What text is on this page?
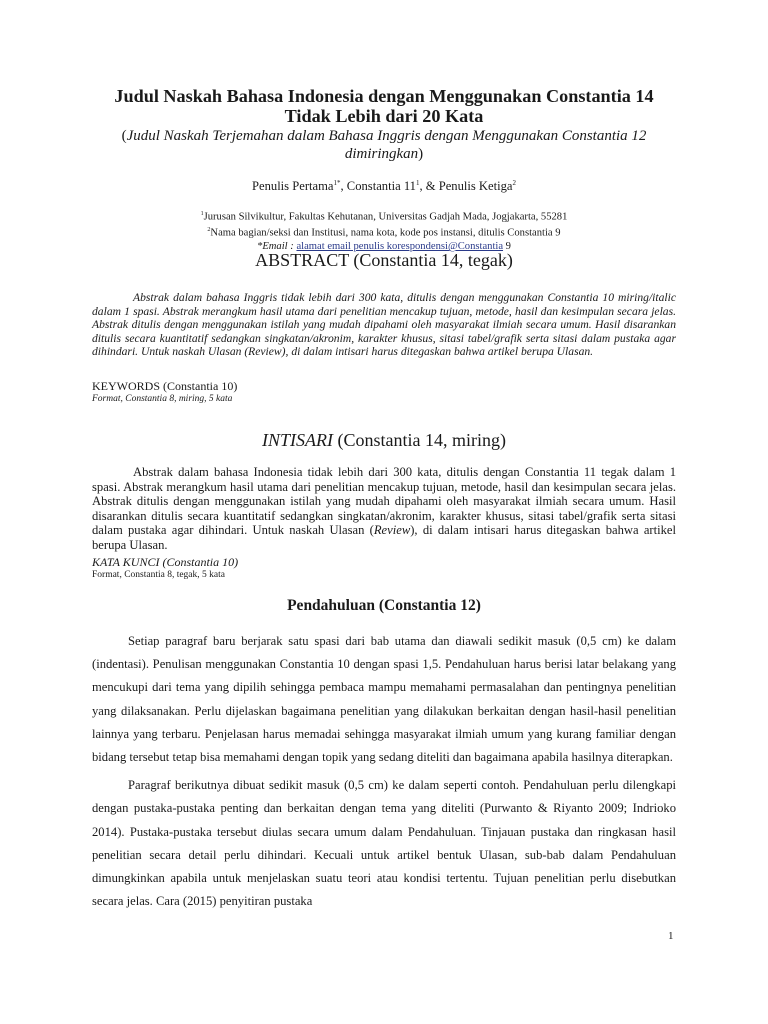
Judul Naskah Bahasa Indonesia dengan Menggunakan Constantia 14
Tidak Lebih dari 20 Kata
(Judul Naskah Terjemahan dalam Bahasa Inggris dengan Menggunakan Constantia 12 dimiringkan)
Penulis Pertama$^{1*}$, Constantia $11^1$, & Penulis Ketiga$^2$
$^1$Jurusan Silvikultur, Fakultas Kehutanan, Universitas Gadjah Mada, Jogjakarta, 55281
$^2$Nama bagian/seksi dan Institusi, nama kota, kode pos instansi, ditulis Constantia 9
*Email : alamat email penulis korespondensi@Constantia 9
ABSTRACT (Constantia 14, tegak)

Abstrak dalam bahasa Inggris tidak lebih dari 300 kata, ditulis dengan menggunakan Constantia 10 miring/italic dalam 1 spasi. Abstrak merangkum hasil utama dari penelitian mencakup tujuan, metode, hasil dan kesimpulan secara jelas. Abstrak ditulis dengan menggunakan istilah yang mudah dipahami oleh masyarakat ilmiah secara umum. Hasil disarankan ditulis secara kuantitatif sedangkan singkatan/akronim, karakter khusus, sitasi tabel/grafik serta sitasi dalam pustaka agar dihindari. Untuk naskah Ulasan (Review), di dalam intisari harus ditegaskan bahwa artikel berupa Ulasan.

KEYWORDS (Constantia 10)
Format, Constantia 8, miring, 5 kata
INTISARI (Constantia 14, miring)

Abstrak dalam bahasa Indonesia tidak lebih dari 300 kata, ditulis dengan Constantia 11 tegak dalam 1 spasi. Abstrak merangkum hasil utama dari penelitian mencakup tujuan, metode, hasil dan kesimpulan secara jelas. Abstrak ditulis dengan menggunakan istilah yang mudah dipahami oleh masyarakat ilmiah secara umum. Hasil disarankan ditulis secara kuantitatif sedangkan singkatan/akronim, karakter khusus, sitasi tabel/grafik serta sitasi dalam pustaka agar dihindari. Untuk naskah Ulasan (Review), di dalam intisari harus ditegaskan bahwa artikel berupa Ulasan.

KATA KUNCI (Constantia 10)
Format, Constantia 8, tegak, 5 kata
Pendahuluan (Constantia 12)

Setiap paragraf baru berjarak satu spasi dari bab utama dan diawali sedikit masuk (0,5 cm) ke dalam (indentasi). Penulisan menggunakan Constantia 10 dengan spasi 1,5. Pendahuluan harus berisi latar belakang yang mencukupi dari tema yang dipilih sehingga pembaca mampu memahami permasalahan dan pentingnya penelitian yang dilaksanakan. Perlu dijelaskan bagaimana penelitian yang dilakukan berkaitan dengan hasil-hasil penelitian lainnya yang terbaru. Penjelasan harus memadai sehingga masyarakat ilmiah umum yang kurang familiar dengan bidang tersebut tetap bisa memahami dengan topik yang sedang diteliti dan bagaimana apabila hasilnya diterapkan.

Paragraf berikutnya dibuat sedikit masuk (0,5 cm) ke dalam seperti contoh. Pendahuluan perlu dilengkapi dengan pustaka-pustaka penting dan berkaitan dengan tema yang diteliti (Purwanto & Riyanto 2009; Indrioko 2014). Pustaka-pustaka tersebut diulas secara umum dalam Pendahuluan. Tinjauan pustaka dan ringkasan hasil penelitian secara detail perlu dihindari. Kecuali untuk artikel bentuk Ulasan, sub-bab dalam Pendahuluan dimungkinkan apabila untuk menjelaskan suatu teori atau kondisi tertentu. Tujuan penelitian perlu disebutkan secara jelas. Cara (2015) penyitiran pustaka

1
